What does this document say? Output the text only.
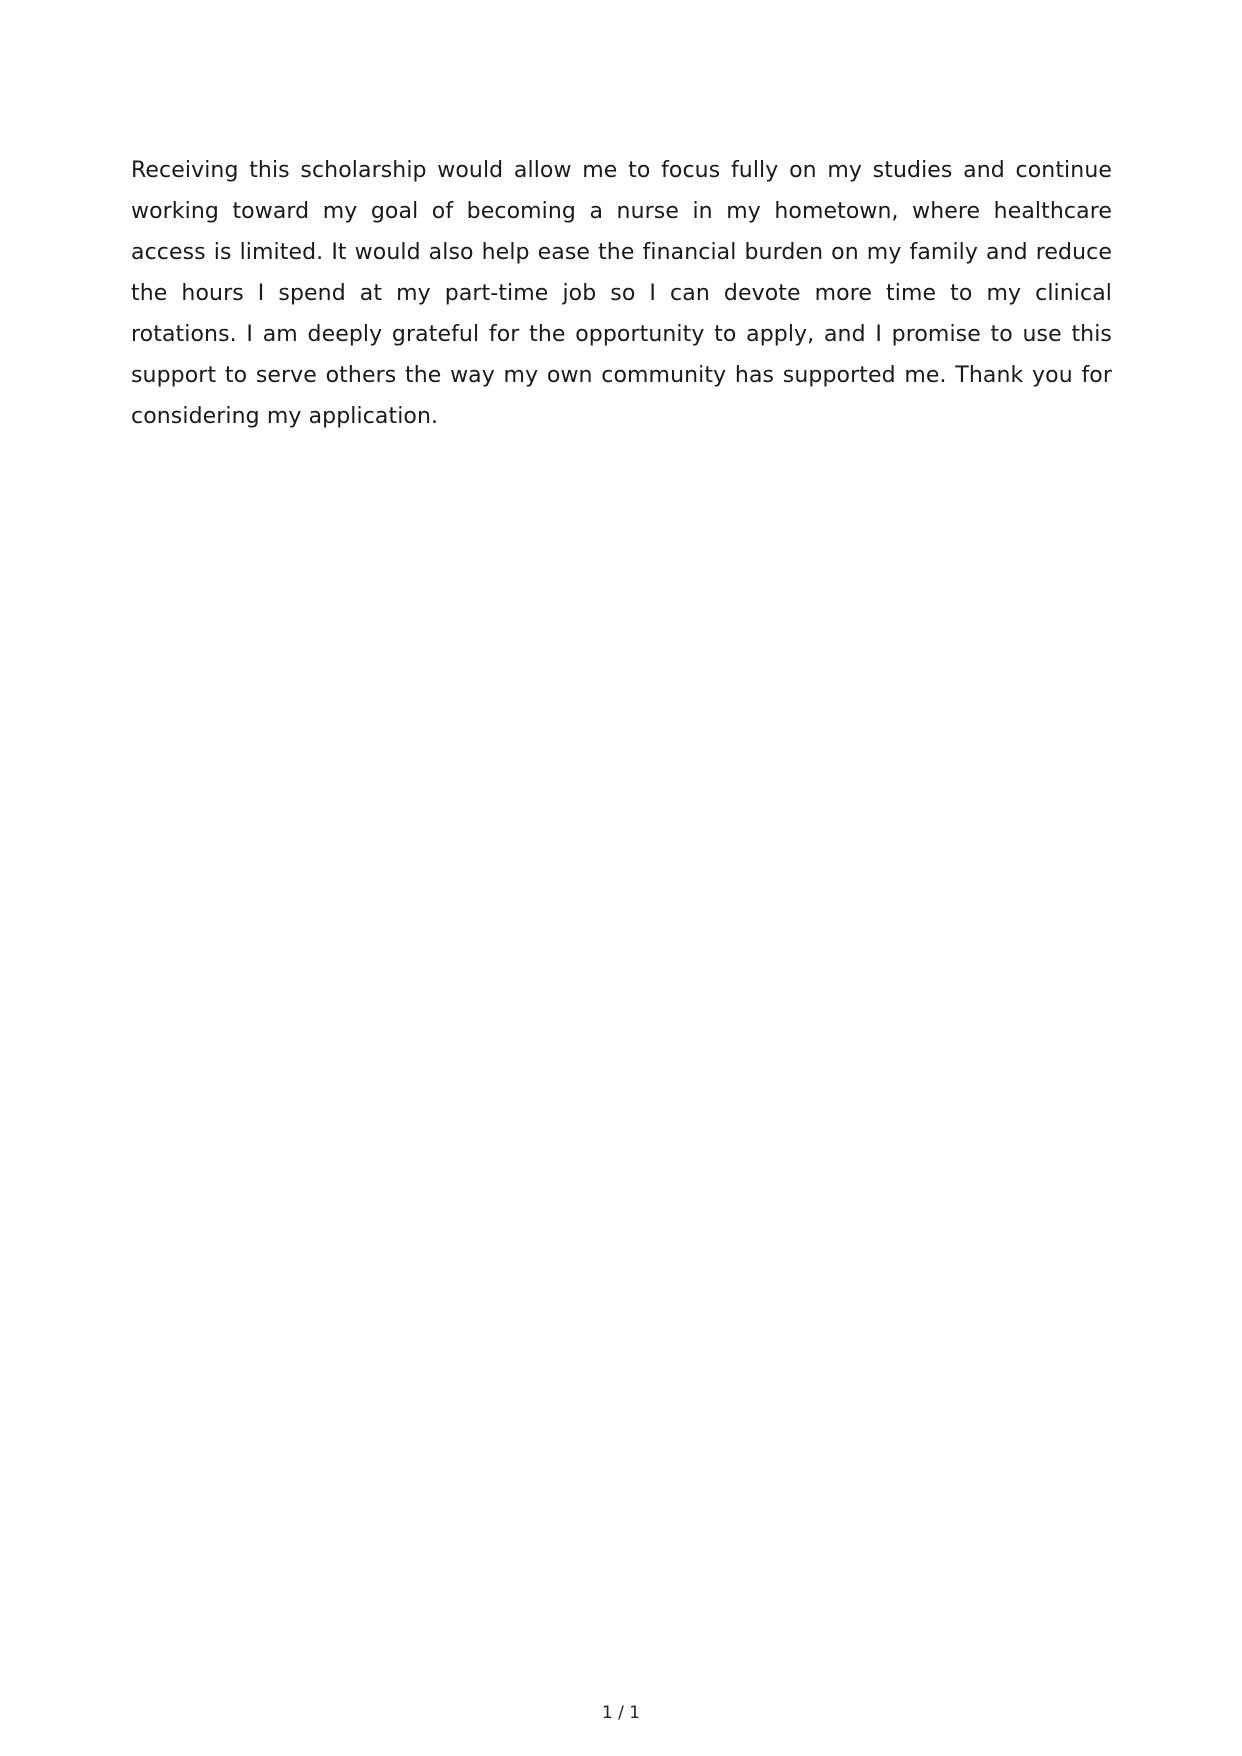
Receiving this scholarship would allow me to focus fully on my studies and continue working toward my goal of becoming a nurse in my hometown, where healthcare access is limited. It would also help ease the financial burden on my family and reduce the hours I spend at my part-time job so I can devote more time to my clinical rotations. I am deeply grateful for the opportunity to apply, and I promise to use this support to serve others the way my own community has supported me. Thank you for considering my application.

1 / 1
